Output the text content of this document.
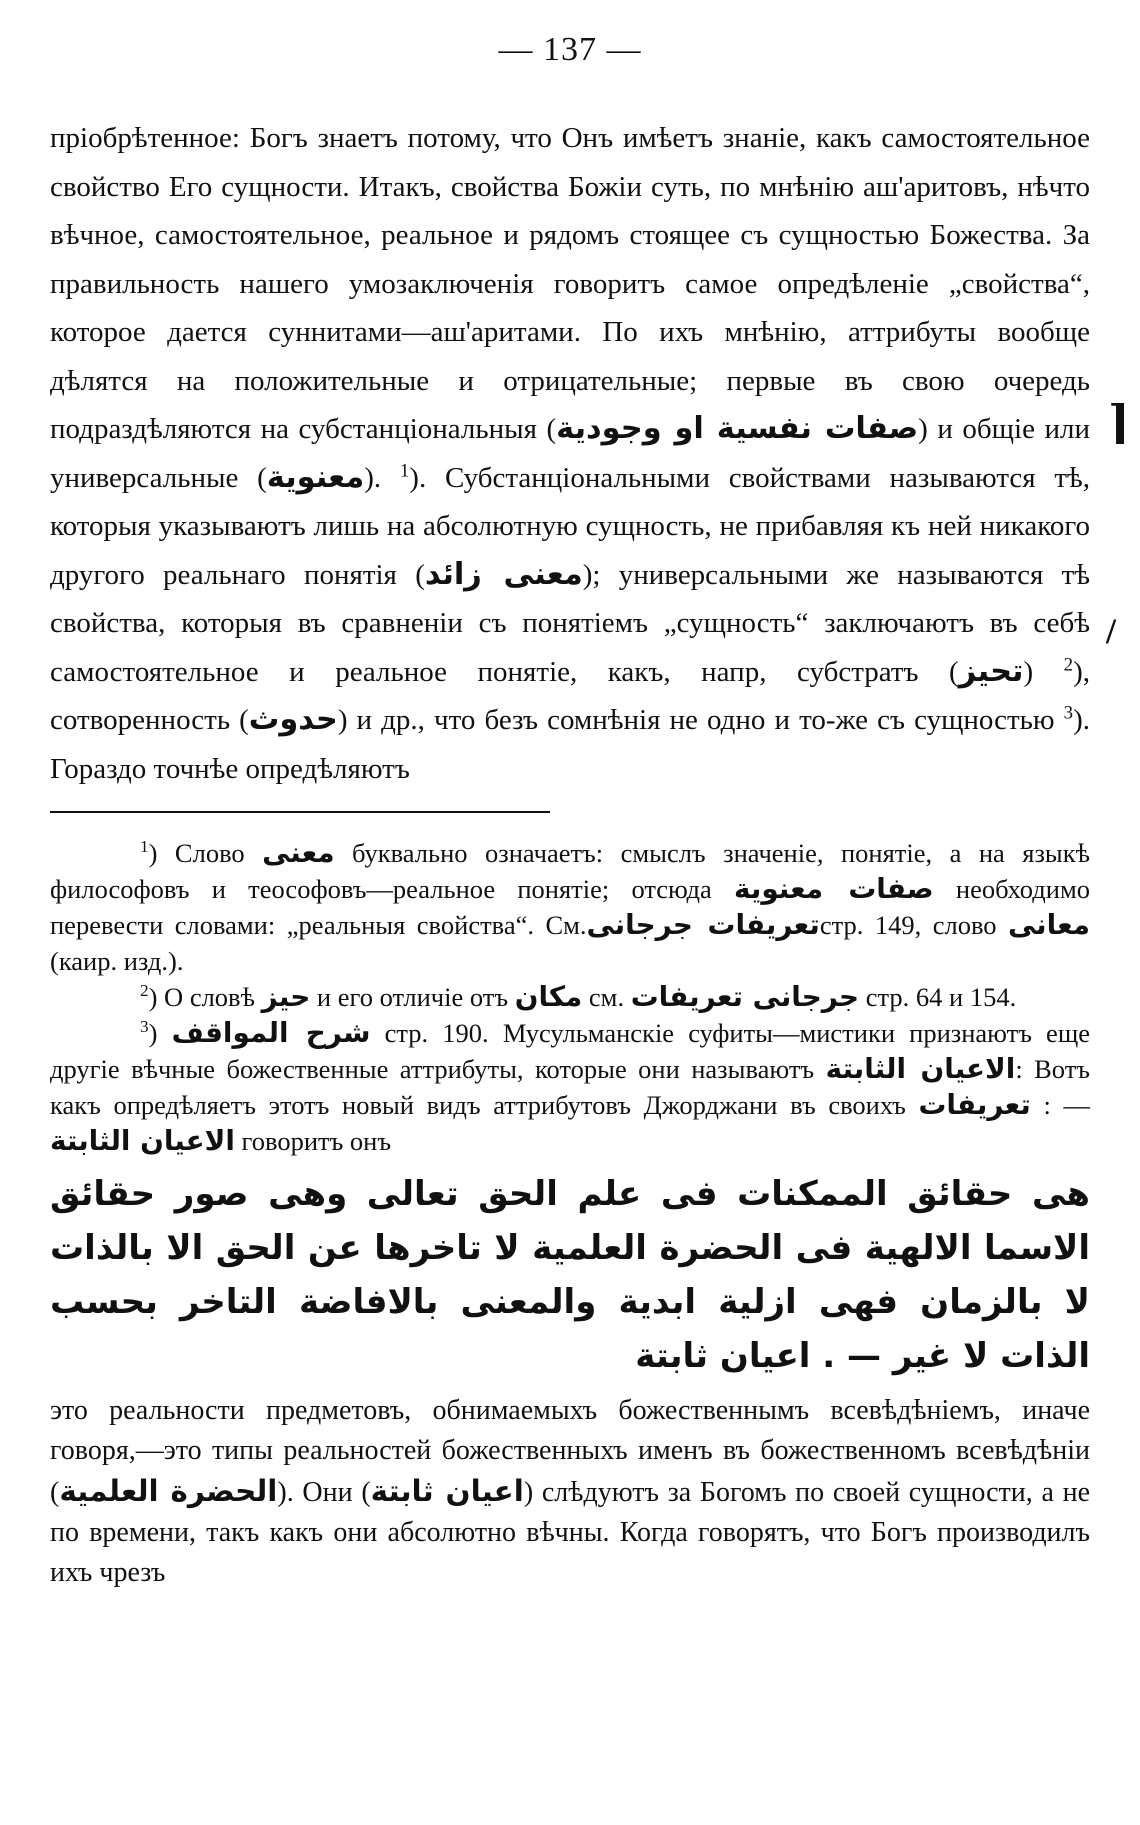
— 137 —

пріобрѣтенное: Богъ знаетъ потому, что Онъ имѣетъ знаніе, какъ самостоятельное свойство Его сущности. Итакъ, свойства Божіи суть, по мнѣнію аш'аритовъ, нѣчто вѣчное, самостоятельное, реальное и рядомъ стоящее съ сущностью Божества. За правильность нашего умозаключенія говоритъ самое опредѣленіе „свойства“, которое дается суннитами—аш'аритами. По ихъ мнѣнію, аттрибуты вообще дѣлятся на положительные и отрицательные; первые въ свою очередь подраздѣляются на субстанціональныя (صفات نفسية او وجودية) и общіе или универсальные (معنوية). $^1$). Субстанціональными свойствами называются тѣ, которыя указываютъ лишь на абсолютную сущность, не прибавляя къ ней никакого другого реальнаго понятія (معنى زائد); универсальными же называются тѣ свойства, которыя въ сравненіи съ понятіемъ „сущность“ заключаютъ въ себѣ самостоятельное и реальное понятіе, какъ, напр, субстратъ (تحيز) $^2$), сотворенность (حدوث) и др., что безъ сомнѣнія не одно и то-же съ сущностью $^3$). Гораздо точнѣе опредѣляютъ

$^1$) Слово معنى буквально означаетъ: смыслъ значеніе, понятіе, а на языкѣ философовъ и теософовъ—реальное понятіе; отсюда صفات معنوية необходимо перевести словами: „реальныя свойства“. См.تعريفات جرجانىстр. 149, слово معانى (каир. изд.).

$^2$) О словѣ حيز и его отличіе отъ مكان см. جرجانى تعريفات стр. 64 и 154.

$^3$) شرح المواقف стр. 190. Мусульманскіе суфиты—мистики признаютъ еще другіе вѣчные божественные аттрибуты, которые они называютъ الاعيان الثابتة: Вотъ какъ опредѣляетъ этотъ новый видъ аттрибутовъ Джорджани въ своихъ تعريفات : — الاعيان الثابتة говоритъ онъ

هى حقائق الممكنات فى علم الحق تعالى وهى صور حقائق الاسما الالهية فى الحضرة العلمية لا تاخرها عن الحق الا بالذات لا بالزمان فهى ازلية ابدية والمعنى بالافاضة التاخر بحسب الذات لا غير — . اعيان ثابتة

это реальности предметовъ, обнимаемыхъ божественнымъ всевѣдѣніемъ, иначе говоря,—это типы реальностей божественныхъ именъ въ божественномъ всевѣдѣніи (الحضرة العلمية). Они (اعيان ثابتة) слѣдуютъ за Богомъ по своей сущности, а не по времени, такъ какъ они абсолютно вѣчны. Когда говорятъ, что Богъ производилъ ихъ чрезъ

⌉
/
